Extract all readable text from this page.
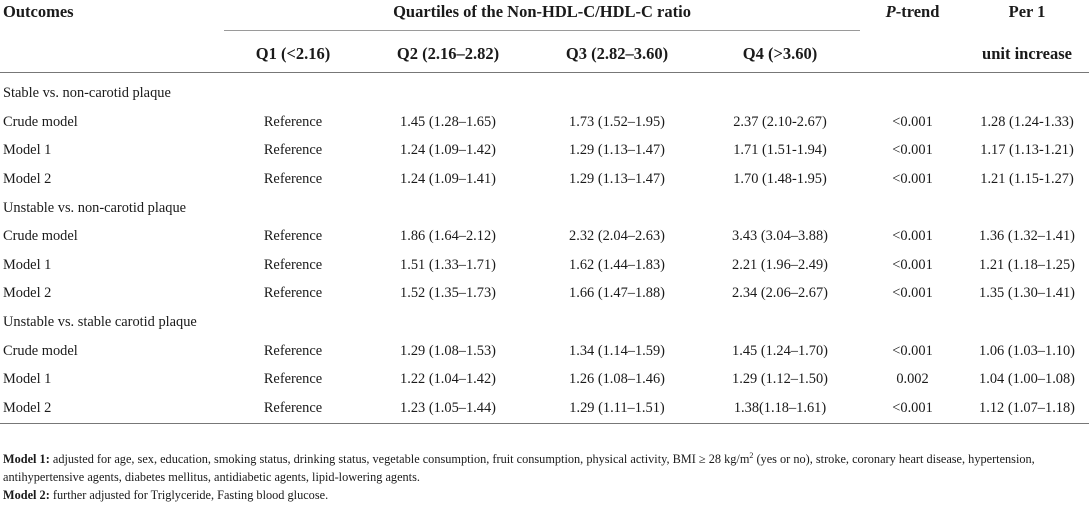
Outcomes	Quartiles of the Non-HDL-C/HDL-C ratio				P-trend	Per 1
	Q1 (<2.16)	Q2 (2.16–2.82)	Q3 (2.82–3.60)	Q4 (>3.60)		unit increase
Stable vs. non-carotid plaque						
Crude model	Reference	1.45 (1.28–1.65)	1.73 (1.52–1.95)	2.37 (2.10-2.67)	<0.001	1.28 (1.24-1.33)
Model 1	Reference	1.24 (1.09–1.42)	1.29 (1.13–1.47)	1.71 (1.51-1.94)	<0.001	1.17 (1.13-1.21)
Model 2	Reference	1.24 (1.09–1.41)	1.29 (1.13–1.47)	1.70 (1.48-1.95)	<0.001	1.21 (1.15-1.27)
Unstable vs. non-carotid plaque						
Crude model	Reference	1.86 (1.64–2.12)	2.32 (2.04–2.63)	3.43 (3.04–3.88)	<0.001	1.36 (1.32–1.41)
Model 1	Reference	1.51 (1.33–1.71)	1.62 (1.44–1.83)	2.21 (1.96–2.49)	<0.001	1.21 (1.18–1.25)
Model 2	Reference	1.52 (1.35–1.73)	1.66 (1.47–1.88)	2.34 (2.06–2.67)	<0.001	1.35 (1.30–1.41)
Unstable vs. stable carotid plaque						
Crude model	Reference	1.29 (1.08–1.53)	1.34 (1.14–1.59)	1.45 (1.24–1.70)	<0.001	1.06 (1.03–1.10)
Model 1	Reference	1.22 (1.04–1.42)	1.26 (1.08–1.46)	1.29 (1.12–1.50)	0.002	1.04 (1.00–1.08)
Model 2	Reference	1.23 (1.05–1.44)	1.29 (1.11–1.51)	1.38(1.18–1.61)	<0.001	1.12 (1.07–1.18)
Model 1: adjusted for age, sex, education, smoking status, drinking status, vegetable consumption, fruit consumption, physical activity, BMI ≥ 28 $kg/m^2$ (yes or no), stroke, coronary heart disease, hypertension, antihypertensive agents, diabetes mellitus, antidiabetic agents, lipid-lowering agents.
Model 2: further adjusted for Triglyceride, Fasting blood glucose.
